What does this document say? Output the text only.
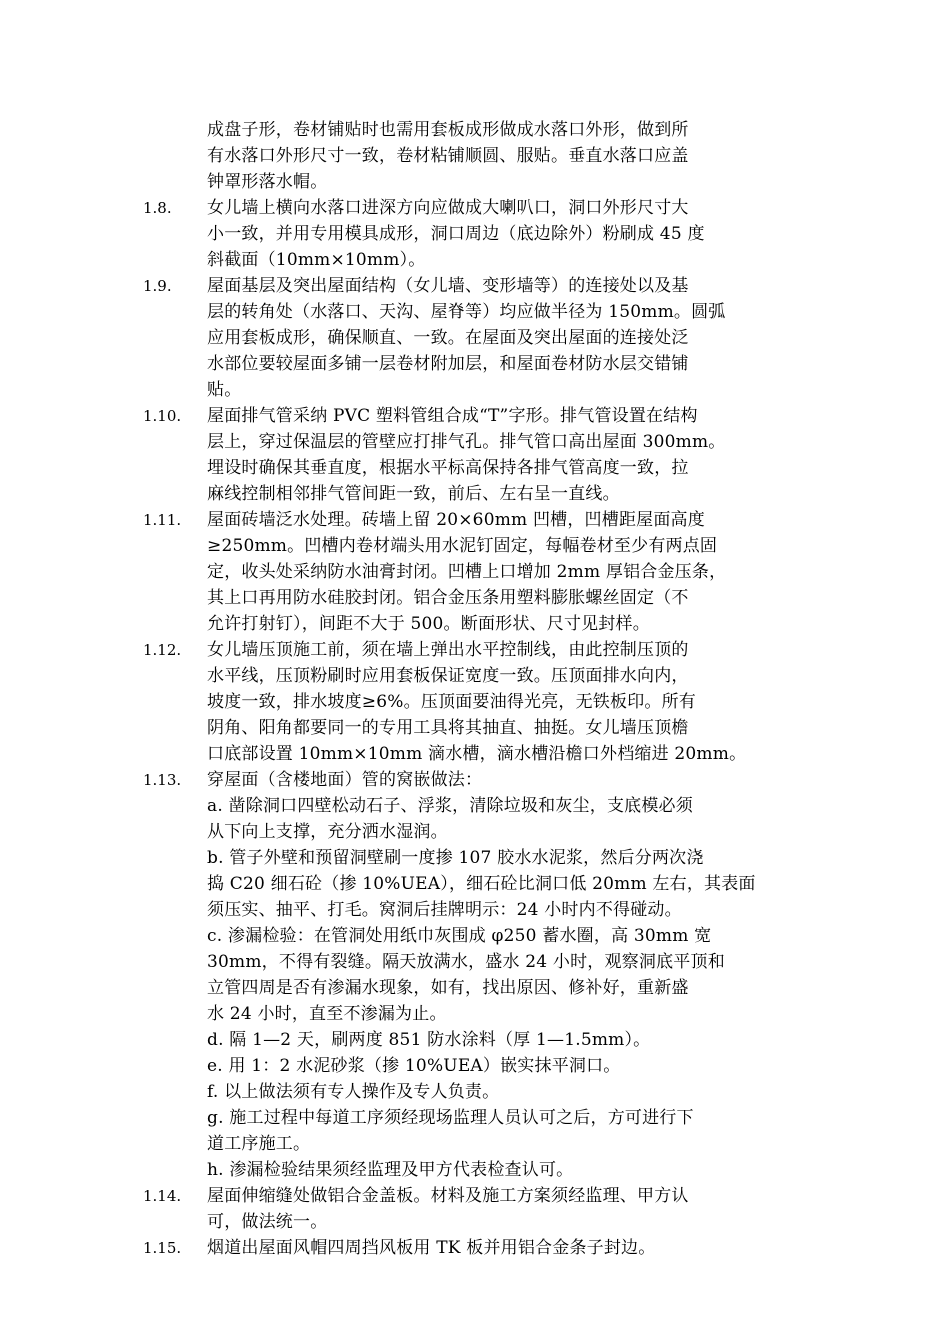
成盘子形，卷材铺贴时也需用套板成形做成水落口外形，做到所
有水落口外形尺寸一致，卷材粘铺顺圆、服贴。垂直水落口应盖
钟罩形落水帽。
1.8.	女儿墙上横向水落口进深方向应做成大喇叭口，洞口外形尺寸大
小一致，并用专用模具成形，洞口周边（底边除外）粉刷成 45 度
斜截面（10mm×10mm）。
1.9.	屋面基层及突出屋面结构（女儿墙、变形墙等）的连接处以及基
层的转角处（水落口、天沟、屋脊等）均应做半径为 150mm。圆弧
应用套板成形，确保顺直、一致。在屋面及突出屋面的连接处泛
水部位要较屋面多铺一层卷材附加层，和屋面卷材防水层交错铺
贴。
1.10.	屋面排气管采纳 PVC 塑料管组合成“T”字形。排气管设置在结构
层上，穿过保温层的管壁应打排气孔。排气管口高出屋面 300mm。
埋设时确保其垂直度，根据水平标高保持各排气管高度一致，拉
麻线控制相邻排气管间距一致，前后、左右呈一直线。
1.11.	屋面砖墙泛水处理。砖墙上留 20×60mm 凹槽，凹槽距屋面高度
≥250mm。凹槽内卷材端头用水泥钉固定，每幅卷材至少有两点固
定，收头处采纳防水油膏封闭。凹槽上口增加 2mm 厚铝合金压条，
其上口再用防水硅胶封闭。铝合金压条用塑料膨胀螺丝固定（不
允许打射钉），间距不大于 500。断面形状、尺寸见封样。
1.12.	女儿墙压顶施工前，须在墙上弹出水平控制线，由此控制压顶的
水平线，压顶粉刷时应用套板保证宽度一致。压顶面排水向内，
坡度一致，排水坡度≥6%。压顶面要油得光亮，无铁板印。所有
阴角、阳角都要同一的专用工具将其抽直、抽挺。女儿墙压顶檐
口底部设置 10mm×10mm 滴水槽，滴水槽沿檐口外档缩进 20mm。
1.13.	穿屋面（含楼地面）管的窝嵌做法：
a. 凿除洞口四壁松动石子、浮浆，清除垃圾和灰尘，支底模必须
从下向上支撑，充分洒水湿润。
b. 管子外壁和预留洞壁刷一度掺 107 胶水水泥浆，然后分两次浇
捣 C20 细石砼（掺 10%UEA），细石砼比洞口低 20mm 左右，其表面
须压实、抽平、打毛。窝洞后挂牌明示：24 小时内不得碰动。
c. 渗漏检验：在管洞处用纸巾灰围成 φ250 蓄水圈，高 30mm 宽
30mm，不得有裂缝。隔天放满水，盛水 24 小时，观察洞底平顶和
立管四周是否有渗漏水现象，如有，找出原因、修补好，重新盛
水 24 小时，直至不渗漏为止。
d. 隔 1—2 天，刷两度 851 防水涂料（厚 1—1.5mm）。
e. 用 1：2 水泥砂浆（掺 10%UEA）嵌实抹平洞口。
f. 以上做法须有专人操作及专人负责。
g. 施工过程中每道工序须经现场监理人员认可之后，方可进行下
道工序施工。
h. 渗漏检验结果须经监理及甲方代表检查认可。
1.14.	屋面伸缩缝处做铝合金盖板。材料及施工方案须经监理、甲方认
可，做法统一。
1.15.	烟道出屋面风帽四周挡风板用 TK 板并用铝合金条子封边。
